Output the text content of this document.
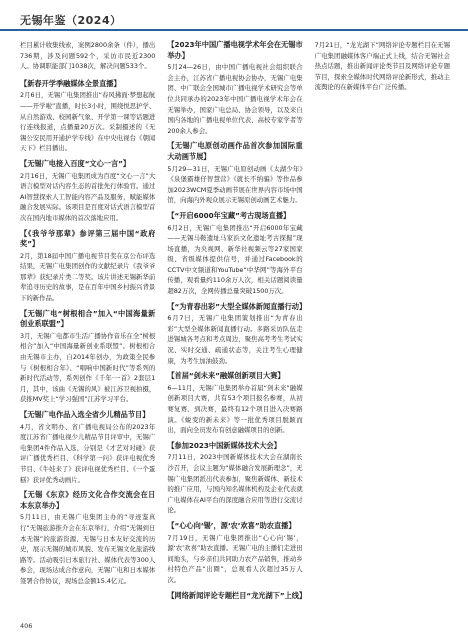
无锡年鉴（2024）

栏目累计收集线索，案例2800余条（件），播出736期，涉及问题592个，采访市民近2300人。协调职能部门1038次，解决问题533个。

【新春开学季融媒体全景直播】

2月6日，无锡广电集团推出“春风拂面·梦想起航——开学啦”直播，时长3小时，围绕悦思护学、从自然游戏、校园新气象、开学第一课等话题进行连线报道，点播量20万次。采制摄述的《无锡公安民用开通护学专线》在中央电视台《朝闻天下》栏目播出。

【无锡广电接入百度“文心一言”】

2月16日，无锡广电集团成为百度“文心一言”大语言模型对话内容生态的首批先行体验官。通过AI智慧探索人工智能内容产品及服务，赋能媒体融合发展实际。该项目是百度对话式语言模型首次在国内地市媒体的首次落地应用。

【《我爷爷那辈》参评第三届中国“政府奖”】

2月，第18届中国广播电视节目奖在京公布评选结果，无锡广电集团创作的文献纪录片《我爷爷那辈》获纪录片类二等奖。该片讲述无锡新华前辈追寻历史的故事，是在百年中国乡村振兴背景下的新作品。

【无锡广电“树根相合”加入“中国海量新创业系联盟”】

3月，无锡广电都市生活广播协作音乐在全“树根相合”加入“中国海量新创业系联盟”。树根相合由无锡市主办，自2014年创办，为政策全民参与《树根相合年》、“唱响中国新时代”等系列的新时代活动等，系列创作《千年·一首》2套层1月，其中，该曲《无锡的风》被江苏卫视拍摄，获推MV奖上“学习强国”江苏学习平台。

【无锡广电作品入选全省少儿精品节目】

4月，省文明办、省广播电视局公布的2023年度江苏省广播电视少儿精品节目评审中，无锡广电集团4件作品入选，分别是《才艺对对碰》获评广播优秀栏目、《科学第一问》获评电视优秀节目、《牛娃来了》获评电视优秀栏目、《一个蛋糕》获评优秀动画片。

【无锡《东京》经历文化合作交流会在日本东京举办】

5月11日，由无锡广电集团主办的“寻迹鉴真行”无锡旅游推介会在东京举行，介绍“无锡到日本无锡”的旅游资源、无锡与日本友好交流的历史，展示无锡的城市风貌、发布无锡文化旅游线路等。活动吸引日本旅行社、媒体代表等300人参会，现场达成合作意向，无锡广电和日本媒体签署合作协议，现场总金额15.4亿元。

【2023年中国广播电视学术年会在无锡市举办】

5月24—26日，由中国广播电视社会组织联合会主办，江苏省广播电视协会协办，无锡广电集团、中广联会全国城市广播电视学术研究会等单位共同承办的2023年中国广播电视学术年会在无锡举办，国家广电总局、协会领导，以及来自国内各地的广播电视单位代表、高校专家学者等200余人参会。

【无锡广电原创动画作品首次参加国际重大动画节展】

5月29—31日，无锡广电原创动画《太湖少年》《泉堡霸雄仔智慧营》《就长不纳骗》等作品参加2023WCM夏季动画节展在世界内容市场中国馆，向海内外观众展示无锡原创动画艺术魅力。

【“开启6000年宝藏”考古现场直播】

6月2日，无锡广电集团推出“开启6000年宝藏——无锡马鞍遗址马家浜文化遗址考古探掘”现场直播，为央视网、新华社视频云等27家国家级、省级媒体提供信号，并通过Facebook的CCTV中文频道和YouTube“中华网”等海外平台传播，观看量约110余万人次，相关话题阅读量超82万次，全网传播总量突破1500万次。

【“为青春出彩”大型全媒体新闻直播行动】

6月7日，无锡广电集团策划推出“为青春出彩”大型全媒体新闻直播行动。多路采访队伍走进锡城各考点和考点周边，聚焦高考考生考试实况、实时交通、疏通状态等，关注考生心理健康，为考生加油鼓劲。

【首届“剑未来”融媒创新项目大赛】

6—11月，无锡广电集团举办首届“剑未来”融媒创新项目大赛，共有53个项目报名参赛，从初赛复赛、到决赛，最终有12个项目进入决赛路演。《蜕变的新未来》等一批优秀项目脱颖而出，面向全员发布有创意融媒项目的创新。

【参加2023中国新媒体技术大会】

7月11日，2023中国新媒体技术大会在湖南长沙召开，会议主题为“媒体融合发展新理念”，无锡广电集团派出代表参加，聚焦新媒体、新技术的推广应用，与国内知名媒体机构及企业代表就广电媒体在AI平台的深度融合应用等进行交流讨论。

【“心心向‘锡’，源‘农’欢喜”助农直播】

7月19日，无锡广电集团推出“心心向‘锡’，源‘农’欢喜”助农直播。无锡广电的主播们走进田间地头，与乡亲们共同助力农产品销售，推动乡村特色产品“出圈”，总观看人次超过35万人次。

【网络新闻评论专题栏目“龙光湖下”上线】

7月21日，“龙光湖下”网络评论专题栏目在无锡广电集团融媒体客户端正式上线，结合无锡社会热点话题，推出新闻评论类节目及网络评论专题节目，探索全媒体时代网络评论新形式，推动主流舆论的在新媒体平台广泛传播。

406
